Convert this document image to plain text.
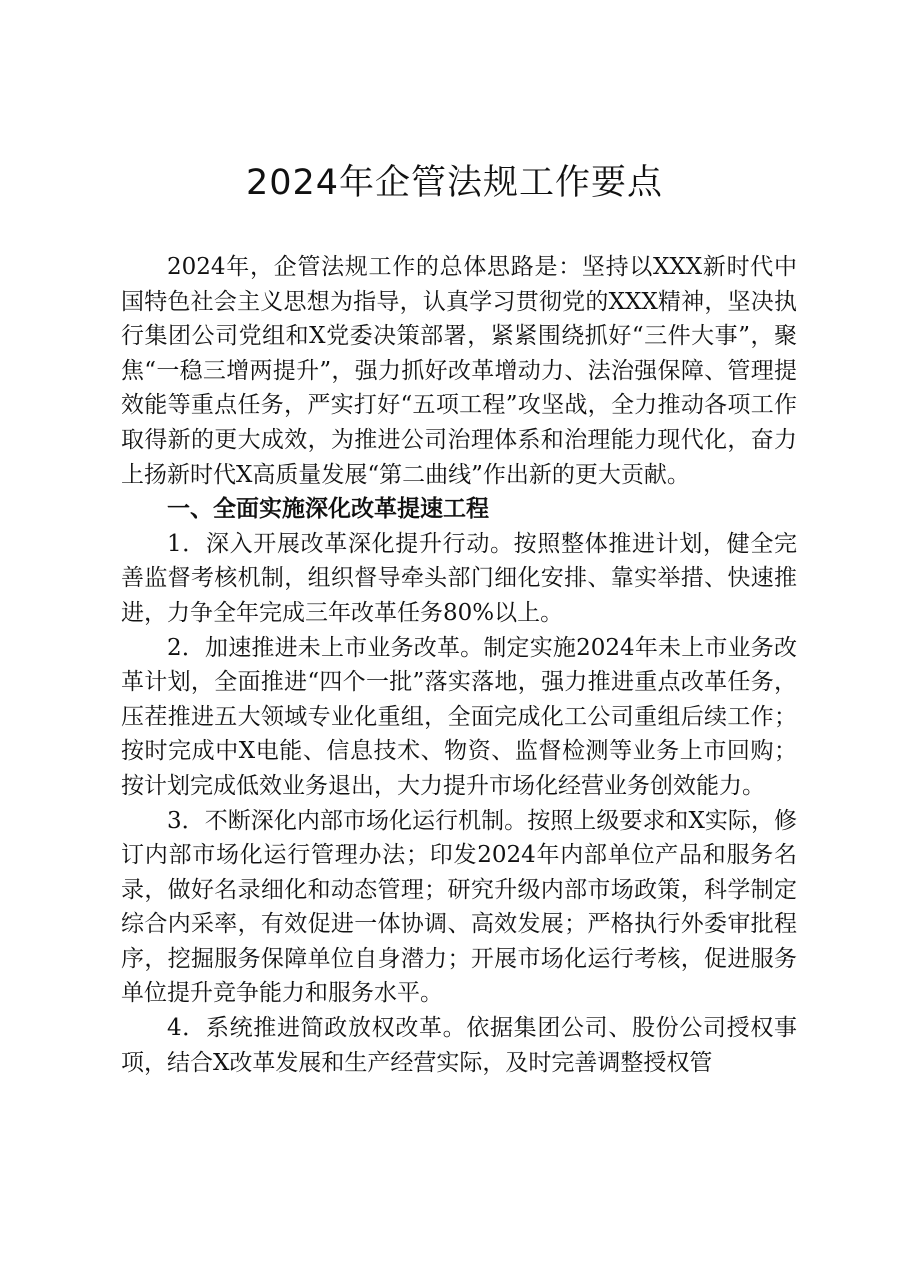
2024年企管法规工作要点

2024年，企管法规工作的总体思路是：坚持以XXX新时代中国特色社会主义思想为指导，认真学习贯彻党的XXX精神，坚决执行集团公司党组和X党委决策部署，紧紧围绕抓好“三件大事”，聚焦“一稳三增两提升”，强力抓好改革增动力、法治强保障、管理提效能等重点任务，严实打好“五项工程”攻坚战，全力推动各项工作取得新的更大成效，为推进公司治理体系和治理能力现代化，奋力上扬新时代X高质量发展“第二曲线”作出新的更大贡献。

一、全面实施深化改革提速工程

1．深入开展改革深化提升行动。按照整体推进计划，健全完善监督考核机制，组织督导牵头部门细化安排、靠实举措、快速推进，力争全年完成三年改革任务80%以上。

2．加速推进未上市业务改革。制定实施2024年未上市业务改革计划，全面推进“四个一批”落实落地，强力推进重点改革任务，压茬推进五大领域专业化重组，全面完成化工公司重组后续工作；按时完成中X电能、信息技术、物资、监督检测等业务上市回购；按计划完成低效业务退出，大力提升市场化经营业务创效能力。

3．不断深化内部市场化运行机制。按照上级要求和X实际，修订内部市场化运行管理办法；印发2024年内部单位产品和服务名录，做好名录细化和动态管理；研究升级内部市场政策，科学制定综合内采率，有效促进一体协调、高效发展；严格执行外委审批程序，挖掘服务保障单位自身潜力；开展市场化运行考核，促进服务单位提升竞争能力和服务水平。

4．系统推进简政放权改革。依据集团公司、股份公司授权事项，结合X改革发展和生产经营实际，及时完善调整授权管
